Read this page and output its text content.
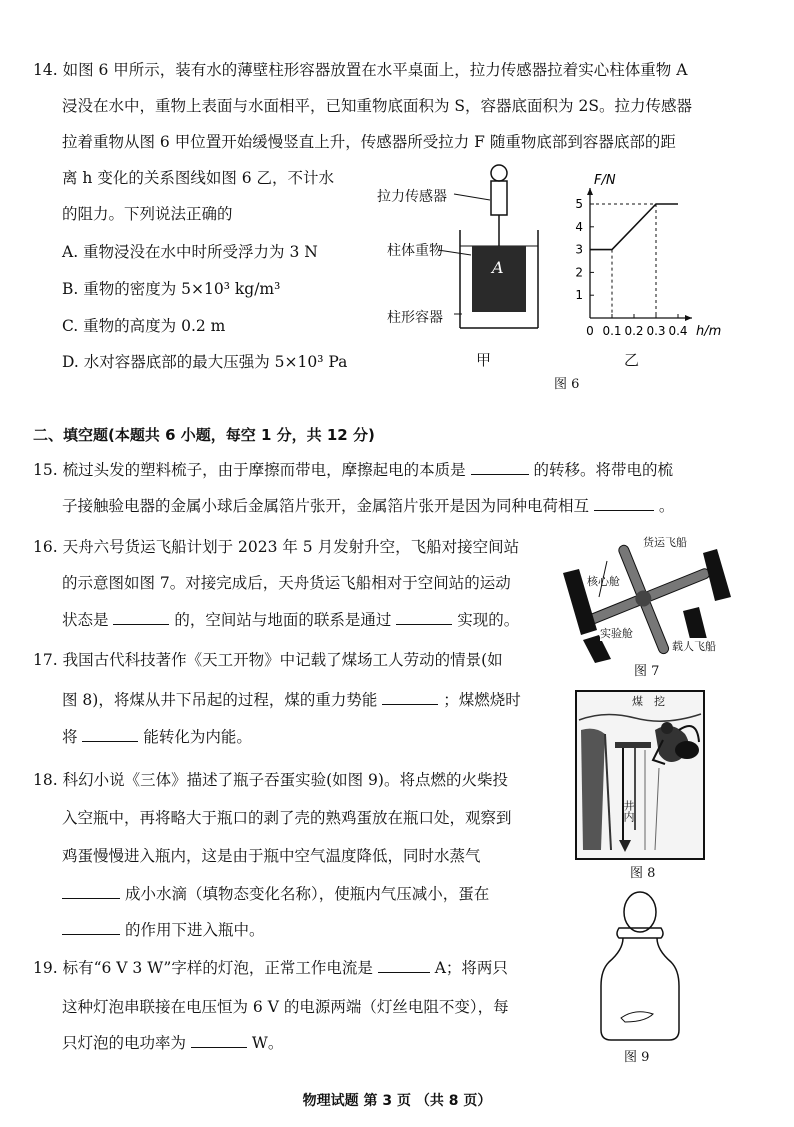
14. 如图 6 甲所示，装有水的薄壁柱形容器放置在水平桌面上，拉力传感器拉着实心柱体重物 A
浸没在水中，重物上表面与水面相平，已知重物底面积为 S，容器底面积为 2S。拉力传感器
拉着重物从图 6 甲位置开始缓慢竖直上升，传感器所受拉力 F 随重物底部到容器底部的距
离 h 变化的关系图线如图 6 乙，不计水
的阻力。下列说法正确的
A. 重物浸没在水中时所受浮力为 3 N
B. 重物的密度为 5×10³ kg/m³
C. 重物的高度为 0.2 m
D. 水对容器底部的最大压强为 5×10³ Pa
拉力传感器
柱体重物
柱形容器
A
甲
0 0.1 0.2 0.3 0.4
1
2
3
4
5
F/N
h/m
乙
图 6
二、填空题(本题共 6 小题，每空 1 分，共 12 分)
15. 梳过头发的塑料梳子，由于摩擦而带电，摩擦起电的本质是	的转移。将带电的梳
子接触验电器的金属小球后金属箔片张开，金属箔片张开是因为同种电荷相互	。
16. 天舟六号货运飞船计划于 2023 年 5 月发射升空，飞船对接空间站
的示意图如图 7。对接完成后，天舟货运飞船相对于空间站的运动
状态是	的，空间站与地面的联系是通过	实现的。
货运飞船
核心舱
实验舱
载人飞船
图 7
17. 我国古代科技著作《天工开物》中记载了煤场工人劳动的情景(如
图 8)，将煤从井下吊起的过程，煤的重力势能	；煤燃烧时
将	能转化为内能。
煤 挖
井内
图 8
18. 科幻小说《三体》描述了瓶子吞蛋实验(如图 9)。将点燃的火柴投
入空瓶中，再将略大于瓶口的剥了壳的熟鸡蛋放在瓶口处，观察到
鸡蛋慢慢进入瓶内，这是由于瓶中空气温度降低，同时水蒸气
成小水滴（填物态变化名称），使瓶内气压减小，蛋在
的作用下进入瓶中。
图 9
19. 标有“6 V 3 W”字样的灯泡，正常工作电流是	A；将两只
这种灯泡串联接在电压恒为 6 V 的电源两端（灯丝电阻不变），每
只灯泡的电功率为	W。
物理试题 第 3 页 （共 8 页）
